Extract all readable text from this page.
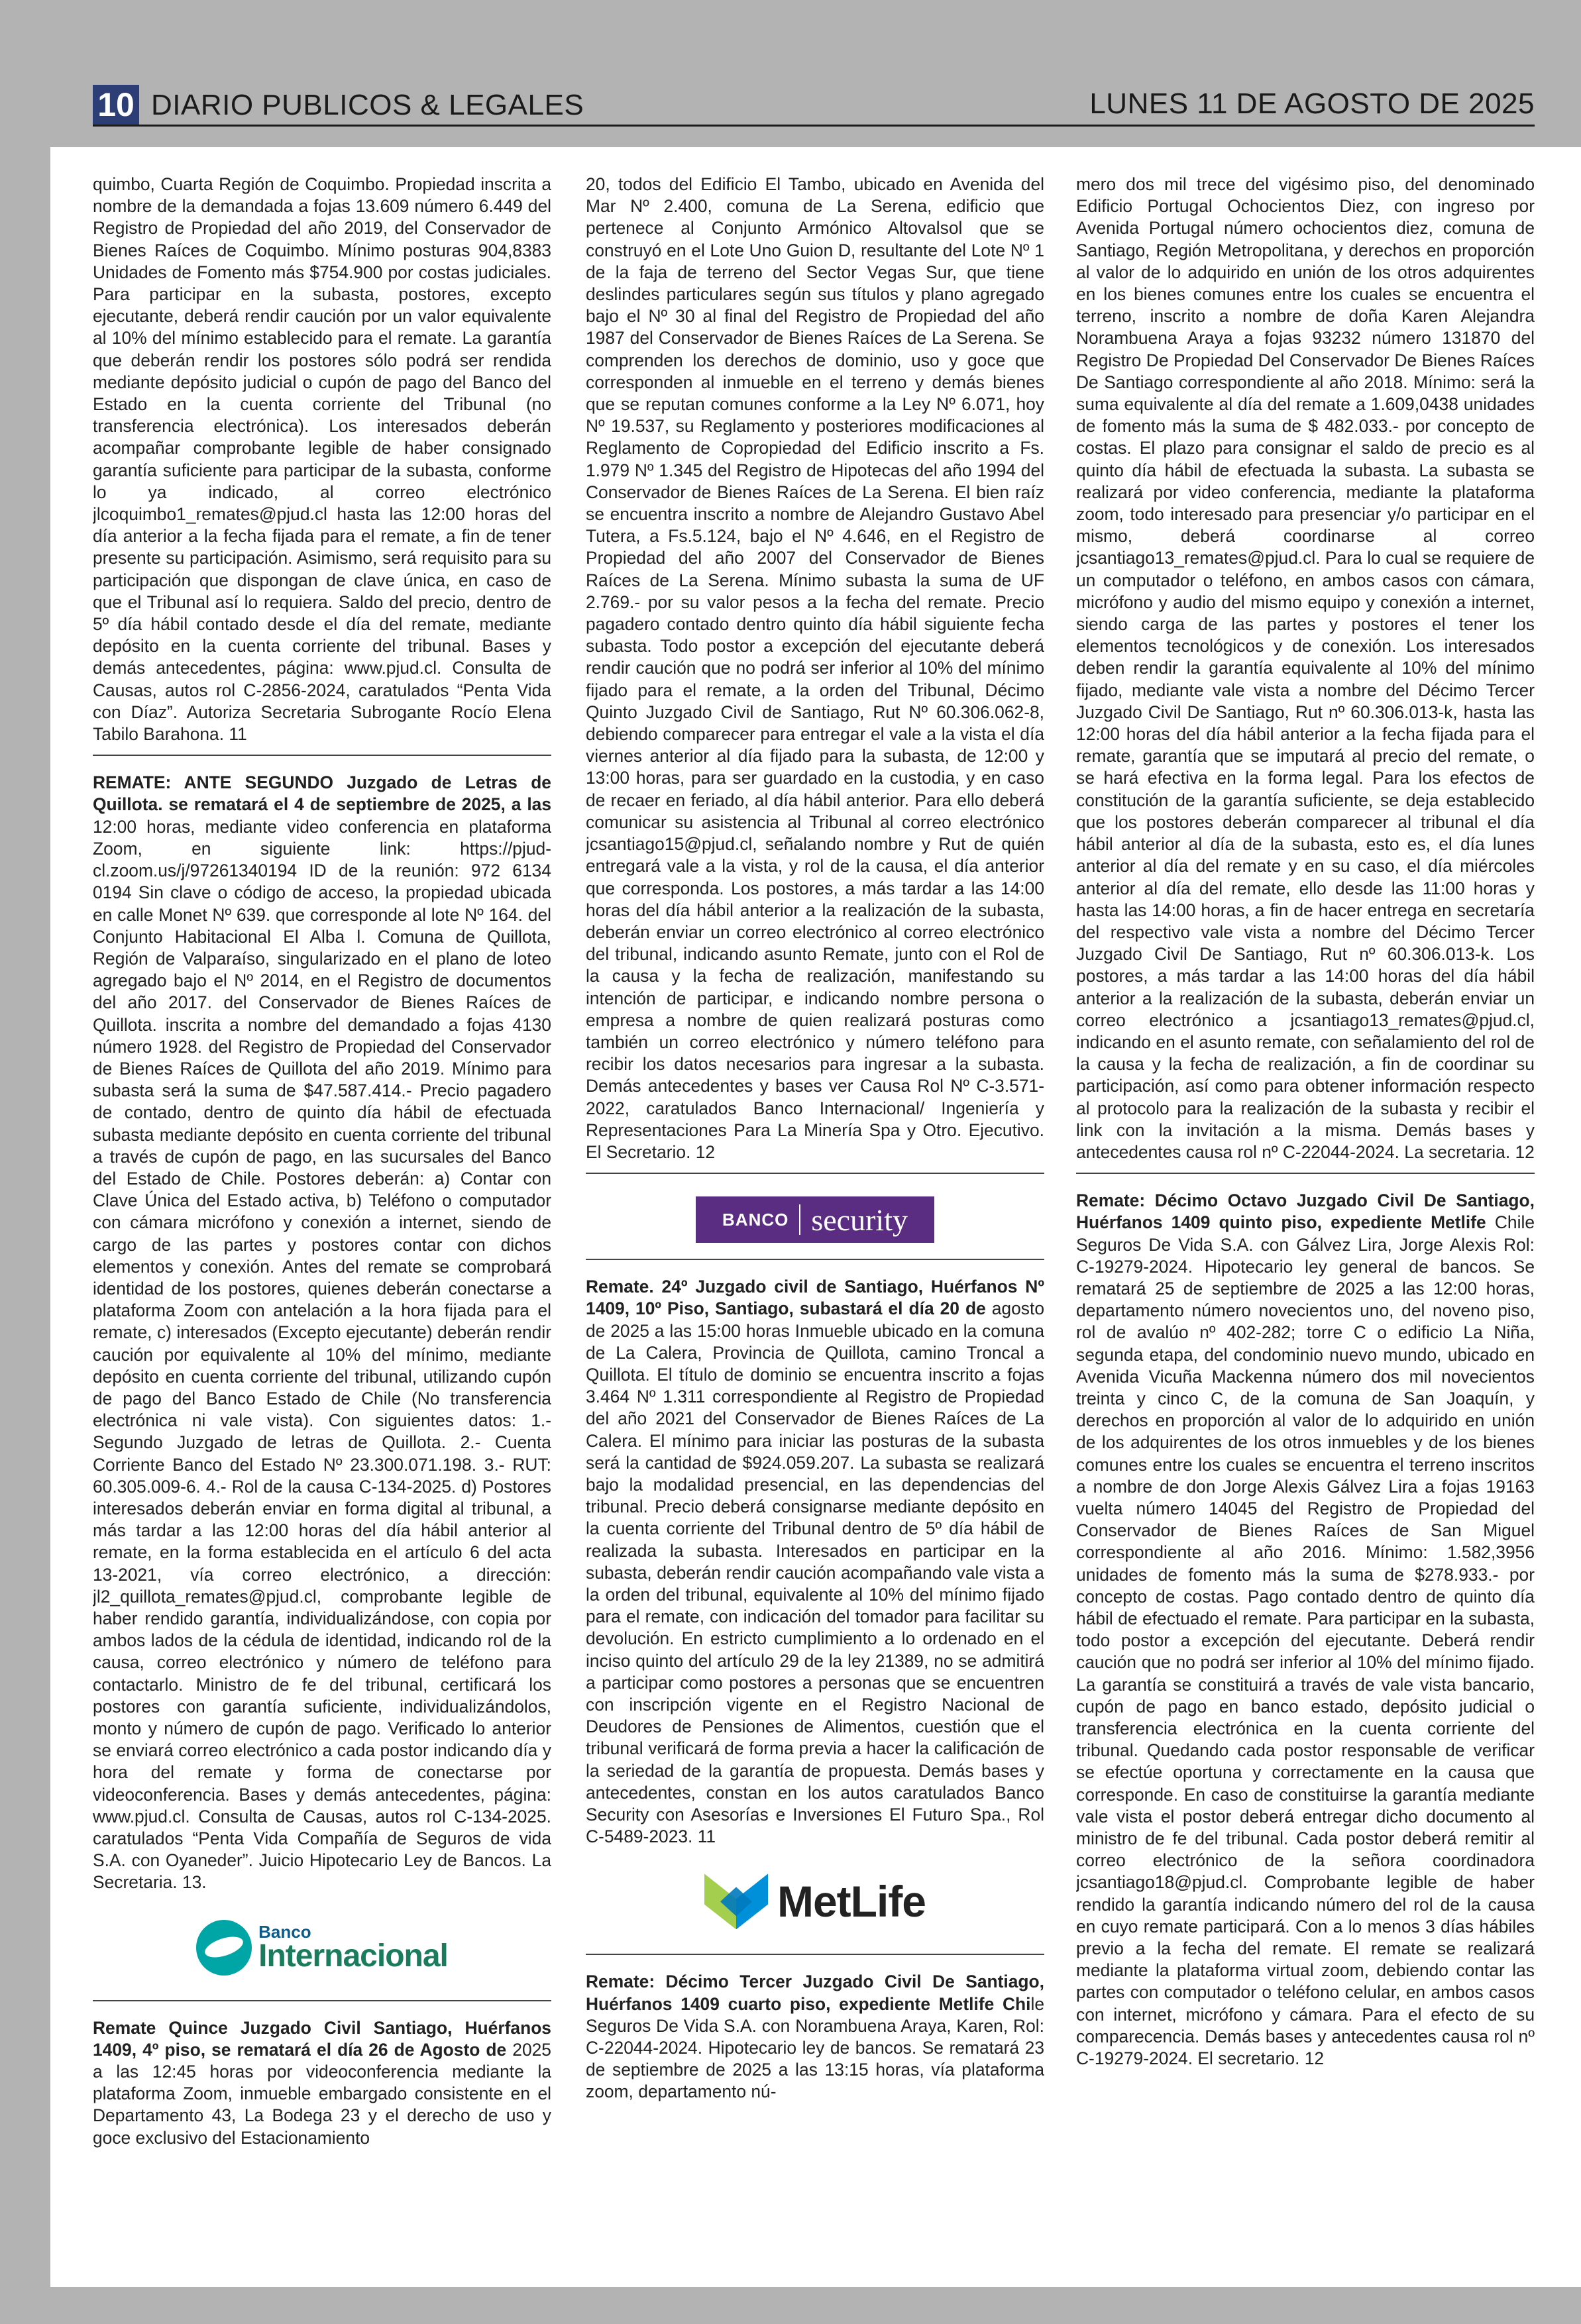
10 DIARIO PUBLICOS & LEGALES	LUNES 11 DE AGOSTO DE 2025

quimbo, Cuarta Región de Coquimbo. Propiedad inscrita a nombre de la demandada a fojas 13.609 número 6.449 del Registro de Propiedad del año 2019, del Conservador de Bienes Raíces de Coquimbo. Mínimo posturas 904,8383 Unidades de Fomento más $754.900 por costas judiciales. Para participar en la subasta, postores, excepto ejecutante, deberá rendir caución por un valor equivalente al 10% del mínimo establecido para el remate. La garantía que deberán rendir los postores sólo podrá ser rendida mediante depósito judicial o cupón de pago del Banco del Estado en la cuenta corriente del Tribunal (no transferencia electrónica). Los interesados deberán acompañar comprobante legible de haber consignado garantía suficiente para participar de la subasta, conforme lo ya indicado, al correo electrónico jlcoquimbo1_remates@pjud.cl hasta las 12:00 horas del día anterior a la fecha fijada para el remate, a fin de tener presente su participación. Asimismo, será requisito para su participación que dispongan de clave única, en caso de que el Tribunal así lo requiera. Saldo del precio, dentro de 5º día hábil contado desde el día del remate, mediante depósito en la cuenta corriente del tribunal. Bases y demás antecedentes, página: www.pjud.cl. Consulta de Causas, autos rol C-2856-2024, caratulados “Penta Vida con Díaz”. Autoriza Secretaria Subrogante Rocío Elena Tabilo Barahona. 11

REMATE: ANTE SEGUNDO Juzgado de Letras de Quillota. se rematará el 4 de septiembre de 2025, a las 12:00 horas, mediante video conferencia en plataforma Zoom, en siguiente link: https://pjud-cl.zoom.us/j/97261340194 ID de la reunión: 972 6134 0194 Sin clave o código de acceso, la propiedad ubicada en calle Monet Nº 639. que corresponde al lote Nº 164. del Conjunto Habitacional El Alba l. Comuna de Quillota, Región de Valparaíso, singularizado en el plano de loteo agregado bajo el Nº 2014, en el Registro de documentos del año 2017. del Conservador de Bienes Raíces de Quillota. inscrita a nombre del demandado a fojas 4130 número 1928. del Registro de Propiedad del Conservador de Bienes Raíces de Quillota del año 2019. Mínimo para subasta será la suma de $47.587.414.- Precio pagadero de contado, dentro de quinto día hábil de efectuada subasta mediante depósito en cuenta corriente del tribunal a través de cupón de pago, en las sucursales del Banco del Estado de Chile. Postores deberán: a) Contar con Clave Única del Estado activa, b) Teléfono o computador con cámara micrófono y conexión a internet, siendo de cargo de las partes y postores contar con dichos elementos y conexión. Antes del remate se comprobará identidad de los postores, quienes deberán conectarse a plataforma Zoom con antelación a la hora fijada para el remate, c) interesados (Excepto ejecutante) deberán rendir caución por equivalente al 10% del mínimo, mediante depósito en cuenta corriente del tribunal, utilizando cupón de pago del Banco Estado de Chile (No transferencia electrónica ni vale vista). Con siguientes datos: 1.- Segundo Juzgado de letras de Quillota. 2.- Cuenta Corriente Banco del Estado Nº 23.300.071.198. 3.- RUT: 60.305.009-6. 4.- Rol de la causa C-134-2025. d) Postores interesados deberán enviar en forma digital al tribunal, a más tardar a las 12:00 horas del día hábil anterior al remate, en la forma establecida en el artículo 6 del acta 13-2021, vía correo electrónico, a dirección: jl2_quillota_remates@pjud.cl, comprobante legible de haber rendido garantía, individualizándose, con copia por ambos lados de la cédula de identidad, indicando rol de la causa, correo electrónico y número de teléfono para contactarlo. Ministro de fe del tribunal, certificará los postores con garantía suficiente, individualizándolos, monto y número de cupón de pago. Verificado lo anterior se enviará correo electrónico a cada postor indicando día y hora del remate y forma de conectarse por videoconferencia. Bases y demás antecedentes, página: www.pjud.cl. Consulta de Causas, autos rol C-134-2025. caratulados “Penta Vida Compañía de Seguros de vida S.A. con Oyaneder”. Juicio Hipotecario Ley de Bancos. La Secretaria. 13.

Banco
Internacional

Remate Quince Juzgado Civil Santiago, Huérfanos 1409, 4º piso, se rematará el día 26 de Agosto de 2025 a las 12:45 horas por videoconferencia mediante la plataforma Zoom, inmueble embargado consistente en el Departamento 43, La Bodega 23 y el derecho de uso y goce exclusivo del Estacionamiento

20, todos del Edificio El Tambo, ubicado en Avenida del Mar Nº 2.400, comuna de La Serena, edificio que pertenece al Conjunto Armónico Altovalsol que se construyó en el Lote Uno Guion D, resultante del Lote Nº 1 de la faja de terreno del Sector Vegas Sur, que tiene deslindes particulares según sus títulos y plano agregado bajo el Nº 30 al final del Registro de Propiedad del año 1987 del Conservador de Bienes Raíces de La Serena. Se comprenden los derechos de dominio, uso y goce que corresponden al inmueble en el terreno y demás bienes que se reputan comunes conforme a la Ley Nº 6.071, hoy Nº 19.537, su Reglamento y posteriores modificaciones al Reglamento de Copropiedad del Edificio inscrito a Fs. 1.979 Nº 1.345 del Registro de Hipotecas del año 1994 del Conservador de Bienes Raíces de La Serena. El bien raíz se encuentra inscrito a nombre de Alejandro Gustavo Abel Tutera, a Fs.5.124, bajo el Nº 4.646, en el Registro de Propiedad del año 2007 del Conservador de Bienes Raíces de La Serena. Mínimo subasta la suma de UF 2.769.- por su valor pesos a la fecha del remate. Precio pagadero contado dentro quinto día hábil siguiente fecha subasta. Todo postor a excepción del ejecutante deberá rendir caución que no podrá ser inferior al 10% del mínimo fijado para el remate, a la orden del Tribunal, Décimo Quinto Juzgado Civil de Santiago, Rut Nº 60.306.062-8, debiendo comparecer para entregar el vale a la vista el día viernes anterior al día fijado para la subasta, de 12:00 y 13:00 horas, para ser guardado en la custodia, y en caso de recaer en feriado, al día hábil anterior. Para ello deberá comunicar su asistencia al Tribunal al correo electrónico jcsantiago15@pjud.cl, señalando nombre y Rut de quién entregará vale a la vista, y rol de la causa, el día anterior que corresponda. Los postores, a más tardar a las 14:00 horas del día hábil anterior a la realización de la subasta, deberán enviar un correo electrónico al correo electrónico del tribunal, indicando asunto Remate, junto con el Rol de la causa y la fecha de realización, manifestando su intención de participar, e indicando nombre persona o empresa a nombre de quien realizará posturas como también un correo electrónico y número teléfono para recibir los datos necesarios para ingresar a la subasta. Demás antecedentes y bases ver Causa Rol Nº C-3.571-2022, caratulados Banco Internacional/ Ingeniería y Representaciones Para La Minería Spa y Otro. Ejecutivo. El Secretario. 12

BANCO security

Remate. 24º Juzgado civil de Santiago, Huérfanos Nº 1409, 10º Piso, Santiago, subastará el día 20 de agosto de 2025 a las 15:00 horas Inmueble ubicado en la comuna de La Calera, Provincia de Quillota, camino Troncal a Quillota. El título de dominio se encuentra inscrito a fojas 3.464 Nº 1.311 correspondiente al Registro de Propiedad del año 2021 del Conservador de Bienes Raíces de La Calera. El mínimo para iniciar las posturas de la subasta será la cantidad de $924.059.207. La subasta se realizará bajo la modalidad presencial, en las dependencias del tribunal. Precio deberá consignarse mediante depósito en la cuenta corriente del Tribunal dentro de 5º día hábil de realizada la subasta. Interesados en participar en la subasta, deberán rendir caución acompañando vale vista a la orden del tribunal, equivalente al 10% del mínimo fijado para el remate, con indicación del tomador para facilitar su devolución. En estricto cumplimiento a lo ordenado en el inciso quinto del artículo 29 de la ley 21389, no se admitirá a participar como postores a personas que se encuentren con inscripción vigente en el Registro Nacional de Deudores de Pensiones de Alimentos, cuestión que el tribunal verificará de forma previa a hacer la calificación de la seriedad de la garantía de propuesta. Demás bases y antecedentes, constan en los autos caratulados Banco Security con Asesorías e Inversiones El Futuro Spa., Rol C-5489-2023. 11

MetLife

Remate: Décimo Tercer Juzgado Civil De Santiago, Huérfanos 1409 cuarto piso, expediente Metlife Chile Seguros De Vida S.A. con Norambuena Araya, Karen, Rol: C-22044-2024. Hipotecario ley de bancos. Se rematará 23 de septiembre de 2025 a las 13:15 horas, vía plataforma zoom, departamento nú-

mero dos mil trece del vigésimo piso, del denominado Edificio Portugal Ochocientos Diez, con ingreso por Avenida Portugal número ochocientos diez, comuna de Santiago, Región Metropolitana, y derechos en proporción al valor de lo adquirido en unión de los otros adquirentes en los bienes comunes entre los cuales se encuentra el terreno, inscrito a nombre de doña Karen Alejandra Norambuena Araya a fojas 93232 número 131870 del Registro De Propiedad Del Conservador De Bienes Raíces De Santiago correspondiente al año 2018. Mínimo: será la suma equivalente al día del remate a 1.609,0438 unidades de fomento más la suma de $ 482.033.- por concepto de costas. El plazo para consignar el saldo de precio es al quinto día hábil de efectuada la subasta. La subasta se realizará por video conferencia, mediante la plataforma zoom, todo interesado para presenciar y/o participar en el mismo, deberá coordinarse al correo jcsantiago13_remates@pjud.cl. Para lo cual se requiere de un computador o teléfono, en ambos casos con cámara, micrófono y audio del mismo equipo y conexión a internet, siendo carga de las partes y postores el tener los elementos tecnológicos y de conexión. Los interesados deben rendir la garantía equivalente al 10% del mínimo fijado, mediante vale vista a nombre del Décimo Tercer Juzgado Civil De Santiago, Rut nº 60.306.013-k, hasta las 12:00 horas del día hábil anterior a la fecha fijada para el remate, garantía que se imputará al precio del remate, o se hará efectiva en la forma legal. Para los efectos de constitución de la garantía suficiente, se deja establecido que los postores deberán comparecer al tribunal el día hábil anterior al día de la subasta, esto es, el día lunes anterior al día del remate y en su caso, el día miércoles anterior al día del remate, ello desde las 11:00 horas y hasta las 14:00 horas, a fin de hacer entrega en secretaría del respectivo vale vista a nombre del Décimo Tercer Juzgado Civil De Santiago, Rut nº 60.306.013-k. Los postores, a más tardar a las 14:00 horas del día hábil anterior a la realización de la subasta, deberán enviar un correo electrónico a jcsantiago13_remates@pjud.cl, indicando en el asunto remate, con señalamiento del rol de la causa y la fecha de realización, a fin de coordinar su participación, así como para obtener información respecto al protocolo para la realización de la subasta y recibir el link con la invitación a la misma. Demás bases y antecedentes causa rol nº C-22044-2024. La secretaria. 12

Remate: Décimo Octavo Juzgado Civil De Santiago, Huérfanos 1409 quinto piso, expediente Metlife Chile Seguros De Vida S.A. con Gálvez Lira, Jorge Alexis Rol: C-19279-2024. Hipotecario ley general de bancos. Se rematará 25 de septiembre de 2025 a las 12:00 horas, departamento número novecientos uno, del noveno piso, rol de avalúo nº 402-282; torre C o edificio La Niña, segunda etapa, del condominio nuevo mundo, ubicado en Avenida Vicuña Mackenna número dos mil novecientos treinta y cinco C, de la comuna de San Joaquín, y derechos en proporción al valor de lo adquirido en unión de los adquirentes de los otros inmuebles y de los bienes comunes entre los cuales se encuentra el terreno inscritos a nombre de don Jorge Alexis Gálvez Lira a fojas 19163 vuelta número 14045 del Registro de Propiedad del Conservador de Bienes Raíces de San Miguel correspondiente al año 2016. Mínimo: 1.582,3956 unidades de fomento más la suma de $278.933.- por concepto de costas. Pago contado dentro de quinto día hábil de efectuado el remate. Para participar en la subasta, todo postor a excepción del ejecutante. Deberá rendir caución que no podrá ser inferior al 10% del mínimo fijado. La garantía se constituirá a través de vale vista bancario, cupón de pago en banco estado, depósito judicial o transferencia electrónica en la cuenta corriente del tribunal. Quedando cada postor responsable de verificar se efectúe oportuna y correctamente en la causa que corresponde. En caso de constituirse la garantía mediante vale vista el postor deberá entregar dicho documento al ministro de fe del tribunal. Cada postor deberá remitir al correo electrónico de la señora coordinadora jcsantiago18@pjud.cl. Comprobante legible de haber rendido la garantía indicando número del rol de la causa en cuyo remate participará. Con a lo menos 3 días hábiles previo a la fecha del remate. El remate se realizará mediante la plataforma virtual zoom, debiendo contar las partes con computador o teléfono celular, en ambos casos con internet, micrófono y cámara. Para el efecto de su comparecencia. Demás bases y antecedentes causa rol nº C-19279-2024. El secretario. 12
